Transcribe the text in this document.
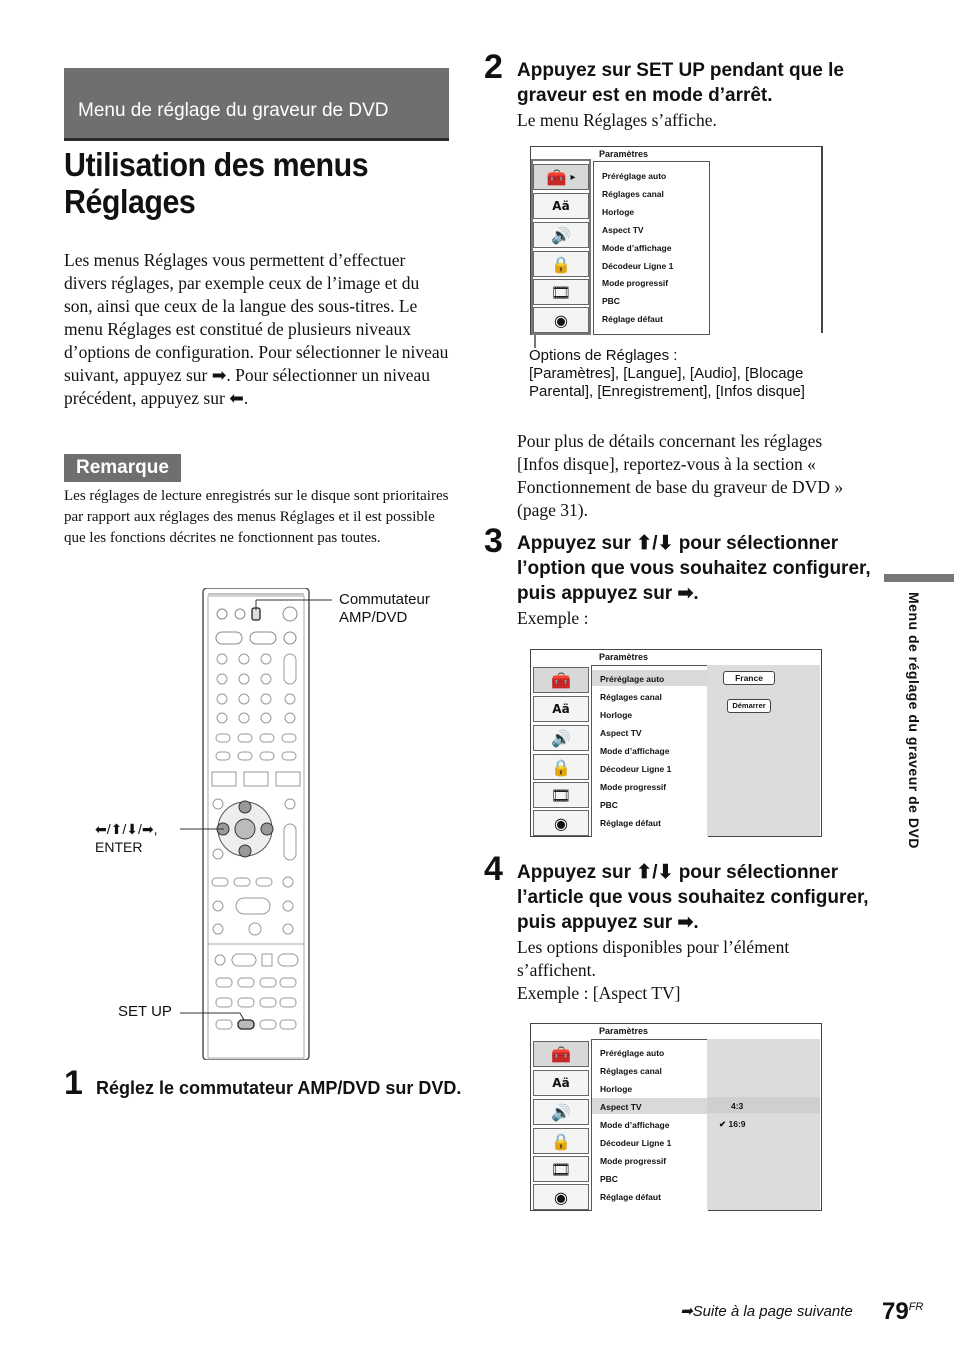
Menu de réglage du graveur de DVD
Utilisation des menus
Réglages
Les menus Réglages vous permettent d’effectuer divers réglages, par exemple ceux de l’image et du son, ainsi que ceux de la langue des sous-titres. Le menu Réglages est constitué de plusieurs niveaux d’options de configuration. Pour sélectionner le niveau suivant, appuyez sur ➡. Pour sélectionner un niveau précédent, appuyez sur ⬅.
Remarque
Les réglages de lecture enregistrés sur le disque sont prioritaires par rapport aux réglages des menus Réglages et il est possible que les fonctions décrites ne fonctionnent pas toutes.
Commutateur
AMP/DVD
⬅/⬆/⬇/➡,
ENTER
SET UP
1 Réglez le commutateur AMP/DVD sur DVD.
2 Appuyez sur SET UP pendant que le
graveur est en mode d’arrêt.
Le menu Réglages s’affiche.
Paramètres
🧰 ▸
Aä
🔊
🔒
🎞
◉
Préréglage auto
Réglages canal
Horloge
Aspect TV
Mode d’affichage
Décodeur Ligne 1
Mode progressif
PBC
Réglage défaut
Options de Réglages :
[Paramètres], [Langue], [Audio], [Blocage
Parental], [Enregistrement], [Infos disque]
Pour plus de détails concernant les réglages [Infos disque], reportez-vous à la section « Fonctionnement de base du graveur de DVD » (page 31).
3 Appuyez sur ⬆/⬇ pour sélectionner
l’option que vous souhaitez configurer,
puis appuyez sur ➡.
Exemple :
Paramètres
🧰
Aä
🔊
🔒
🎞
◉
Préréglage auto
Réglages canal
Horloge
Aspect TV
Mode d’affichage
Décodeur Ligne 1
Mode progressif
PBC
Réglage défaut
France
Démarrer
4 Appuyez sur ⬆/⬇ pour sélectionner
l’article que vous souhaitez configurer,
puis appuyez sur ➡.
Les options disponibles pour l’élément
s’affichent.
Exemple : [Aspect TV]
Paramètres
🧰
Aä
🔊
🔒
🎞
◉
Préréglage auto
Réglages canal
Horloge
Aspect TV
Mode d’affichage
Décodeur Ligne 1
Mode progressif
PBC
Réglage défaut
4:3
✔ 16:9
Menu de réglage du graveur de DVD
➡Suite à la page suivante $79^{FR}$
